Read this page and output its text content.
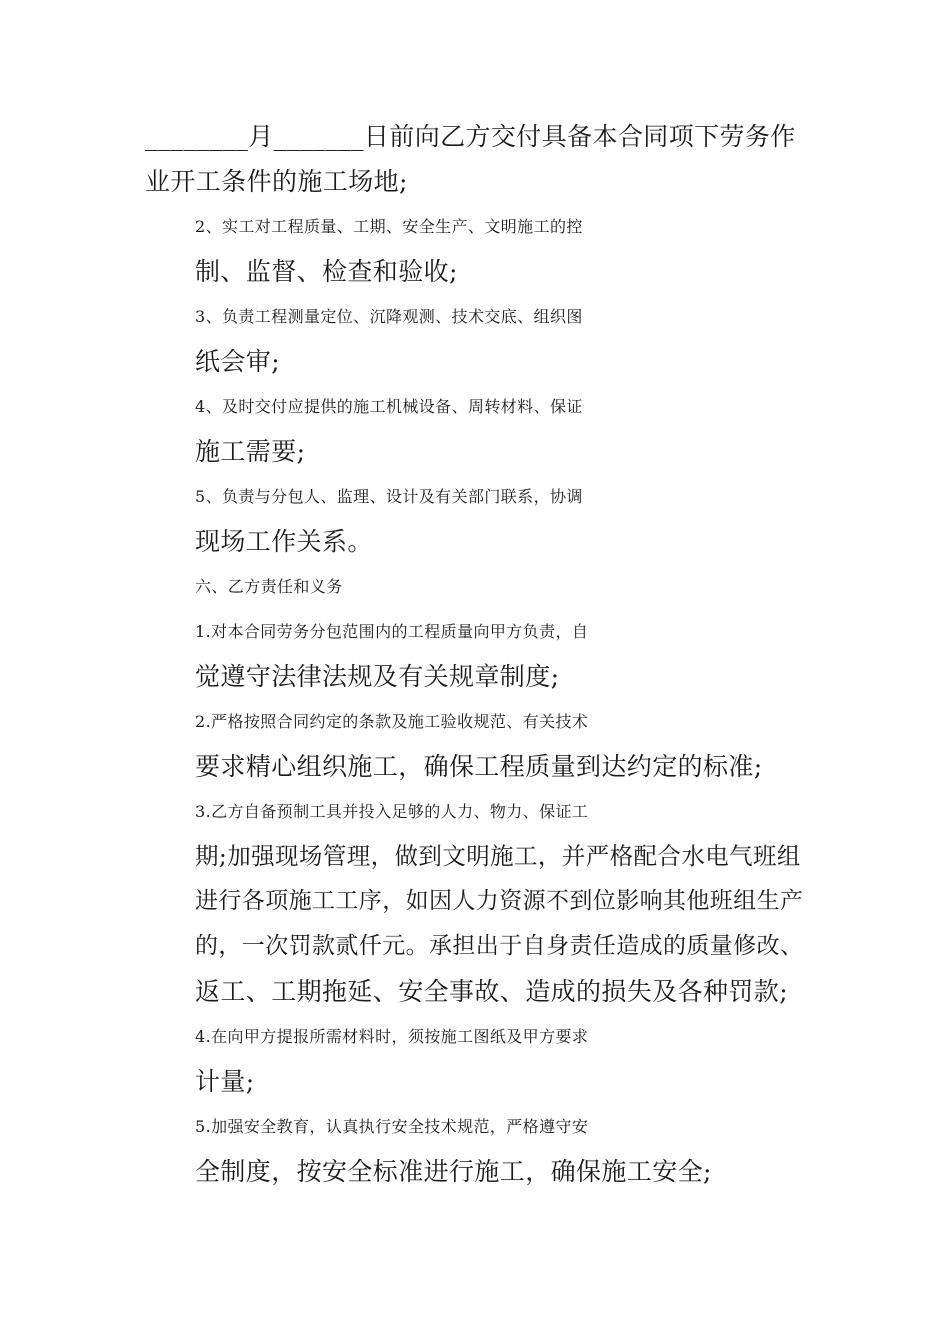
________月_______日前向乙方交付具备本合同项下劳务作
业开工条件的施工场地;

2、实工对工程质量、工期、安全生产、文明施工的控
制、监督、检查和验收;

3、负责工程测量定位、沉降观测、技术交底、组织图
纸会审;

4、及时交付应提供的施工机械设备、周转材料、保证
施工需要;

5、负责与分包人、监理、设计及有关部门联系，协调
现场工作关系。

六、乙方责任和义务

1.对本合同劳务分包范围内的工程质量向甲方负责，自
觉遵守法律法规及有关规章制度;

2.严格按照合同约定的条款及施工验收规范、有关技术
要求精心组织施工，确保工程质量到达约定的标准;

3.乙方自备预制工具并投入足够的人力、物力、保证工
期;加强现场管理，做到文明施工，并严格配合水电气班组
进行各项施工工序，如因人力资源不到位影响其他班组生产
的，一次罚款贰仟元。承担出于自身责任造成的质量修改、
返工、工期拖延、安全事故、造成的损失及各种罚款;

4.在向甲方提报所需材料时，须按施工图纸及甲方要求
计量;

5.加强安全教育，认真执行安全技术规范，严格遵守安
全制度，按安全标准进行施工，确保施工安全;
